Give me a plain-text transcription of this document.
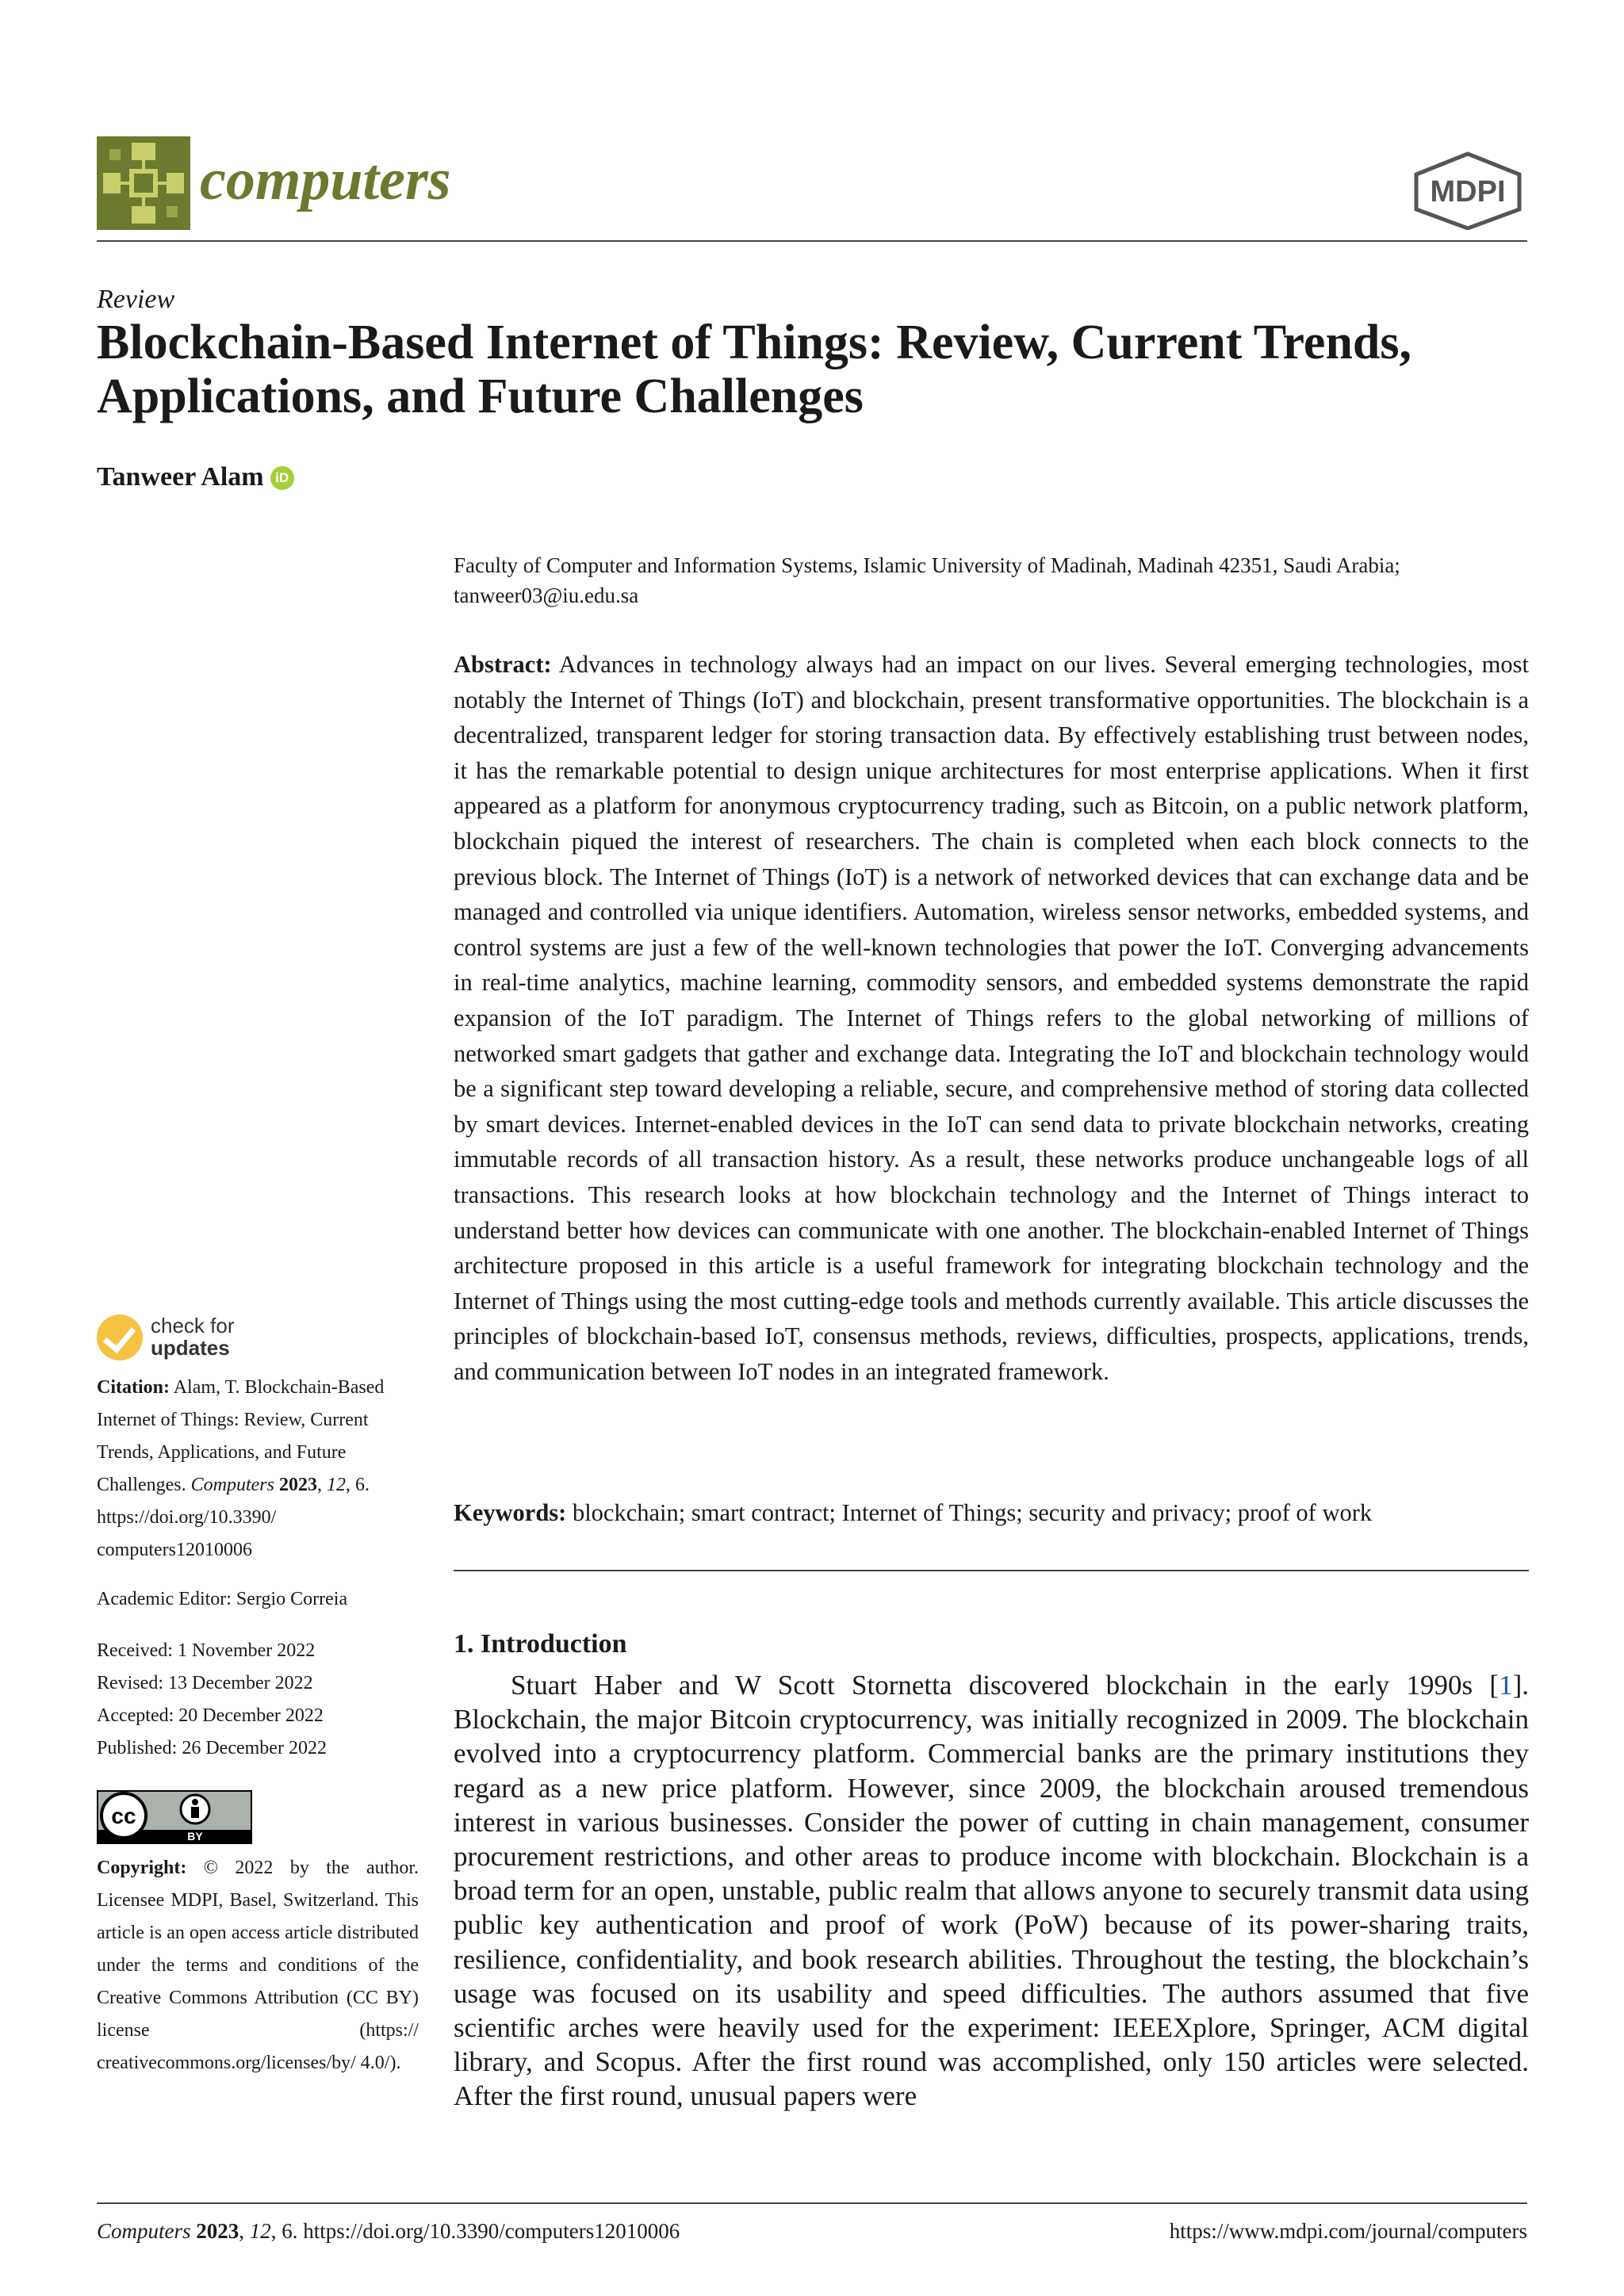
computers	MDPI
Review
Blockchain-Based Internet of Things: Review, Current Trends, Applications, and Future Challenges
Tanweer Alam iD
Faculty of Computer and Information Systems, Islamic University of Madinah, Madinah 42351, Saudi Arabia;
tanweer03@iu.edu.sa
Abstract: Advances in technology always had an impact on our lives. Several emerging technologies, most notably the Internet of Things (IoT) and blockchain, present transformative opportunities. The blockchain is a decentralized, transparent ledger for storing transaction data. By effectively establishing trust between nodes, it has the remarkable potential to design unique architectures for most enterprise applications. When it first appeared as a platform for anonymous cryptocurrency trading, such as Bitcoin, on a public network platform, blockchain piqued the interest of researchers. The chain is completed when each block connects to the previous block. The Internet of Things (IoT) is a network of networked devices that can exchange data and be managed and controlled via unique identifiers. Automation, wireless sensor networks, embedded systems, and control systems are just a few of the well-known technologies that power the IoT. Converging advancements in real-time analytics, machine learning, commodity sensors, and embedded systems demonstrate the rapid expansion of the IoT paradigm. The Internet of Things refers to the global networking of millions of networked smart gadgets that gather and exchange data. Integrating the IoT and blockchain technology would be a significant step toward developing a reliable, secure, and comprehensive method of storing data collected by smart devices. Internet-enabled devices in the IoT can send data to private blockchain networks, creating immutable records of all transaction history. As a result, these networks produce unchangeable logs of all transactions. This research looks at how blockchain technology and the Internet of Things interact to understand better how devices can communicate with one another. The blockchain-enabled Internet of Things architecture proposed in this article is a useful framework for integrating blockchain technology and the Internet of Things using the most cutting-edge tools and methods currently available. This article discusses the principles of blockchain-based IoT, consensus methods, reviews, difficulties, prospects, applications, trends, and communication between IoT nodes in an integrated framework.
Keywords: blockchain; smart contract; Internet of Things; security and privacy; proof of work
1. Introduction
Stuart Haber and W Scott Stornetta discovered blockchain in the early 1990s [1]. Blockchain, the major Bitcoin cryptocurrency, was initially recognized in 2009. The blockchain evolved into a cryptocurrency platform. Commercial banks are the primary institutions they regard as a new price platform. However, since 2009, the blockchain aroused tremendous interest in various businesses. Consider the power of cutting in chain management, consumer procurement restrictions, and other areas to produce income with blockchain. Blockchain is a broad term for an open, unstable, public realm that allows anyone to securely transmit data using public key authentication and proof of work (PoW) because of its power-sharing traits, resilience, confidentiality, and book research abilities. Throughout the testing, the blockchain’s usage was focused on its usability and speed difficulties. The authors assumed that five scientific arches were heavily used for the experiment: IEEEXplore, Springer, ACM digital library, and Scopus. After the first round was accomplished, only 150 articles were selected. After the first round, unusual papers were
check for
updates
Citation: Alam, T. Blockchain-Based Internet of Things: Review, Current Trends, Applications, and Future Challenges. Computers 2023, 12, 6. https://doi.org/10.3390/ computers12010006
Academic Editor: Sergio Correia
Received: 1 November 2022
Revised: 13 December 2022
Accepted: 20 December 2022
Published: 26 December 2022
cc
BY
Copyright: © 2022 by the author. Licensee MDPI, Basel, Switzerland. This article is an open access article distributed under the terms and conditions of the Creative Commons Attribution (CC BY) license (https:// creativecommons.org/licenses/by/ 4.0/).
Computers 2023, 12, 6. https://doi.org/10.3390/computers12010006	https://www.mdpi.com/journal/computers
